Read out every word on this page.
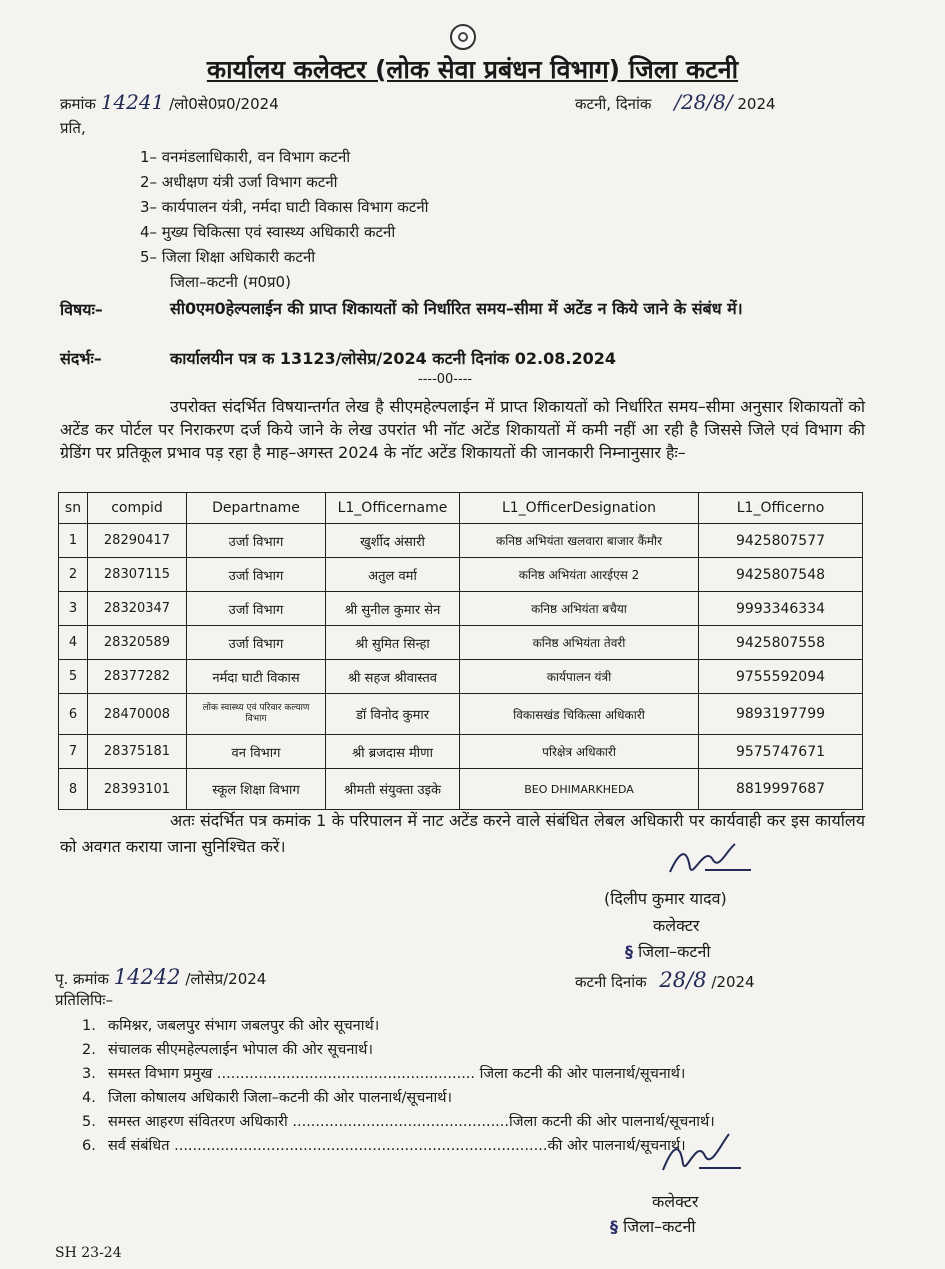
कार्यालय कलेक्टर (लोक सेवा प्रबंधन विभाग) जिला कटनी
क्रमांक 14241 /लो0से0प्र0/2024	कटनी, दिनांक /28/8/ 2024
प्रति,
1– वनमंडलाधिकारी, वन विभाग कटनी
2– अधीक्षण यंत्री उर्जा विभाग कटनी
3– कार्यपालन यंत्री, नर्मदा घाटी विकास विभाग कटनी
4– मुख्य चिकित्सा एवं स्वास्थ्य अधिकारी कटनी
5– जिला शिक्षा अधिकारी कटनी
जिला–कटनी (म0प्र0)
विषयः–	सी0एम0हेल्पलाईन की प्राप्त शिकायतों को निर्धारित समय–सीमा में अटेंड न किये जाने के संबंध में।
संदर्भः–	कार्यालयीन पत्र क 13123/लोसेप्र/2024 कटनी दिनांक 02.08.2024
----00----
उपरोक्त संदर्भित विषयान्तर्गत लेख है सीएमहेल्पलाईन में प्राप्त शिकायतों को निर्धारित समय–सीमा अनुसार शिकायतों को अटेंड कर पोर्टल पर निराकरण दर्ज किये जाने के लेख उपरांत भी नॉट अटेंड शिकायतों में कमी नहीं आ रही है जिससे जिले एवं विभाग की ग्रेडिंग पर प्रतिकूल प्रभाव पड़ रहा है माह–अगस्त 2024 के नॉट अटेंड शिकायतों की जानकारी निम्नानुसार हैः–
sn	compid	Departname	L1_Officername	L1_OfficerDesignation	L1_Officerno
1	28290417	उर्जा विभाग	खुर्शीद अंसारी	कनिष्ठ अभियंता खलवारा बाजार कैंमौर	9425807577
2	28307115	उर्जा विभाग	अतुल वर्मा	कनिष्ठ अभियंता आरईएस 2	9425807548
3	28320347	उर्जा विभाग	श्री सुनील कुमार सेन	कनिष्ठ अभियंता बचैया	9993346334
4	28320589	उर्जा विभाग	श्री सुमित सिन्हा	कनिष्ठ अभियंता तेवरी	9425807558
5	28377282	नर्मदा घाटी विकास	श्री सहज श्रीवास्तव	कार्यपालन यंत्री	9755592094
6	28470008	लोक स्वास्थ्य एवं परिवार कल्याण विभाग	डॉ विनोद कुमार	विकासखंड चिकित्सा अधिकारी	9893197799
7	28375181	वन विभाग	श्री ब्रजदास मीणा	परिक्षेत्र अधिकारी	9575747671
8	28393101	स्कूल शिक्षा विभाग	श्रीमती संयुक्ता उइके	BEO DHIMARKHEDA	8819997687
अतः संदर्भित पत्र कमांक 1 के परिपालन में नाट अटेंड करने वाले संबंधित लेबल अधिकारी पर कार्यवाही कर इस कार्यालय को अवगत कराया जाना सुनिश्चित करें।
(दिलीप कुमार यादव)
कलेक्टर
§ जिला–कटनी
पृ. क्रमांक 14242 /लोसेप्र/2024	कटनी दिनांक 28/8 /2024
प्रतिलिपिः–
1. कमिश्नर, जबलपुर संभाग जबलपुर की ओर सूचनार्थ।
2. संचालक सीएमहेल्पलाईन भोपाल की ओर सूचनार्थ।
3. समस्त विभाग प्रमुख ........................................................ जिला कटनी की ओर पालनार्थ/सूचनार्थ।
4. जिला कोषालय अधिकारी जिला–कटनी की ओर पालनार्थ/सूचनार्थ।
5. समस्त आहरण संवितरण अधिकारी ...............................................जिला कटनी की ओर पालनार्थ/सूचनार्थ।
6. सर्व संबंधित .................................................................................की ओर पालनार्थ/सूचनार्थ।
कलेक्टर
§ जिला–कटनी
SH 23-24
